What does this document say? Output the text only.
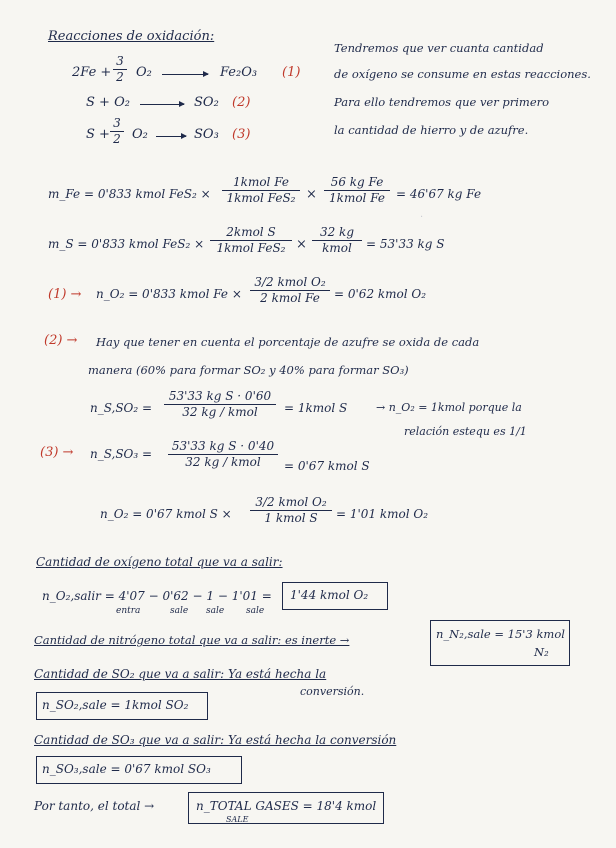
·
Reacciones de oxidación:
$2Fe + \frac{3}{2} O_2 \to Fe_2O_3$ (1)
S + O₂ → SO₂ (2)
$S + \frac{3}{2} O_2 \to SO_3$ (3)
Tendremos que ver cuanta cantidad
de oxígeno se consume en estas reacciones.
Para ello tendremos que ver primero
la cantidad de hierro y de azufre.
m_Fe = 0'833 kmol FeS₂ ×
1kmol Fe
1kmol FeS₂ ×
56 kg Fe
1kmol Fe = 46'67 kg Fe
m_S = 0'833 kmol FeS₂ ×
2kmol S
1kmol FeS₂ ×
32 kg
kmol	= 53'33 kg S
(1) → n_O₂ = 0'833 kmol Fe ×
3/2 kmol O₂
2 kmol Fe	= 0'62 kmol O₂
(2) → Hay que tener en cuenta el porcentaje de azufre se oxida de cada
manera (60% para formar SO₂ y 40% para formar SO₃)
n_S,SO₂ =
53'33 kg S · 0'60
32 kg / kmol	= 1kmol S	→ n_O₂ = 1kmol porque la
relación estequ es 1/1
(3) → n_S,SO₃ =
53'33 kg S · 0'40
32 kg / kmol	= 0'67 kmol S
n_O₂ = 0'67 kmol S ×
3/2 kmol O₂
1 kmol S	= 1'01 kmol O₂
Cantidad de oxígeno total que va a salir:
n_O₂,salir = 4'07 − 0'62 − 1 − 1'01 =
entra	sale sale sale
1'44 kmol O₂
Cantidad de nitrógeno total que va a salir: es inerte →	n_N₂,sale = 15'3 kmol
N₂
Cantidad de SO₂ que va a salir: Ya está hecha la
conversión.
n_SO₂,sale = 1kmol SO₂
Cantidad de SO₃ que va a salir: Ya está hecha la conversión
n_SO₃,sale = 0'67 kmol SO₃
Por tanto, el total →	n_TOTAL GASES = 18'4 kmol
SALE
